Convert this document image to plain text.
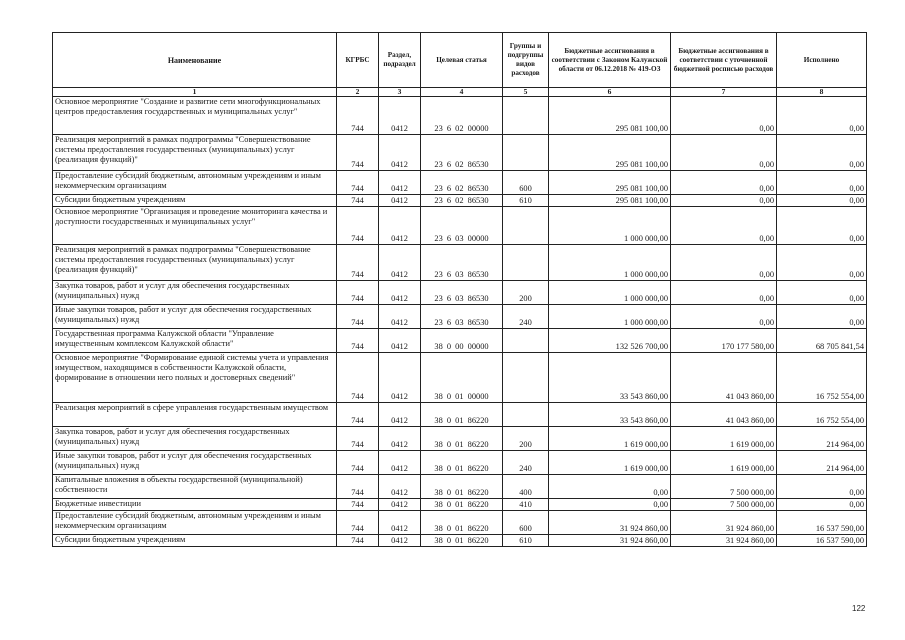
Наименование	КГРБС	Раздел, подраздел	Целевая статья	Группы и подгруппы видов расходов	Бюджетные ассигнования в соответствии с Законом Калужской области от 06.12.2018 № 419-ОЗ	Бюджетные ассигнования в соответствии с уточненной бюджетной росписью расходов	Исполнено
1	2	3	4	5	6	7	8
Основное мероприятие "Создание и развитие сети многофункциональных центров предоставления государственных и муниципальных услуг"	744	0412	23 6 02 00000		295 081 100,00	0,00	0,00
Реализация мероприятий в рамках подпрограммы "Совершенствование системы предоставления государственных (муниципальных) услуг (реализация функций)"	744	0412	23 6 02 86530		295 081 100,00	0,00	0,00
Предоставление субсидий бюджетным, автономным учреждениям и иным некоммерческим организациям	744	0412	23 6 02 86530	600	295 081 100,00	0,00	0,00
Субсидии бюджетным учреждениям	744	0412	23 6 02 86530	610	295 081 100,00	0,00	0,00
Основное мероприятие "Организация и проведение мониторинга качества и доступности государственных и муниципальных услуг"	744	0412	23 6 03 00000		1 000 000,00	0,00	0,00
Реализация мероприятий в рамках подпрограммы "Совершенствование системы предоставления государственных (муниципальных) услуг (реализация функций)"	744	0412	23 6 03 86530		1 000 000,00	0,00	0,00
Закупка товаров, работ и услуг для обеспечения государственных (муниципальных) нужд	744	0412	23 6 03 86530	200	1 000 000,00	0,00	0,00
Иные закупки товаров, работ и услуг для обеспечения государственных (муниципальных) нужд	744	0412	23 6 03 86530	240	1 000 000,00	0,00	0,00
Государственная программа Калужской области "Управление имущественным комплексом Калужской области"	744	0412	38 0 00 00000		132 526 700,00	170 177 580,00	68 705 841,54
Основное мероприятие "Формирование единой системы учета и управления имуществом, находящимся в собственности Калужской области, формирование в отношении него полных и достоверных сведений"	744	0412	38 0 01 00000		33 543 860,00	41 043 860,00	16 752 554,00
Реализация мероприятий в сфере управления государственным имуществом	744	0412	38 0 01 86220		33 543 860,00	41 043 860,00	16 752 554,00
Закупка товаров, работ и услуг для обеспечения государственных (муниципальных) нужд	744	0412	38 0 01 86220	200	1 619 000,00	1 619 000,00	214 964,00
Иные закупки товаров, работ и услуг для обеспечения государственных (муниципальных) нужд	744	0412	38 0 01 86220	240	1 619 000,00	1 619 000,00	214 964,00
Капитальные вложения в объекты государственной (муниципальной) собственности	744	0412	38 0 01 86220	400	0,00	7 500 000,00	0,00
Бюджетные инвестиции	744	0412	38 0 01 86220	410	0,00	7 500 000,00	0,00
Предоставление субсидий бюджетным, автономным учреждениям и иным некоммерческим организациям	744	0412	38 0 01 86220	600	31 924 860,00	31 924 860,00	16 537 590,00
Субсидии бюджетным учреждениям	744	0412	38 0 01 86220	610	31 924 860,00	31 924 860,00	16 537 590,00
122
